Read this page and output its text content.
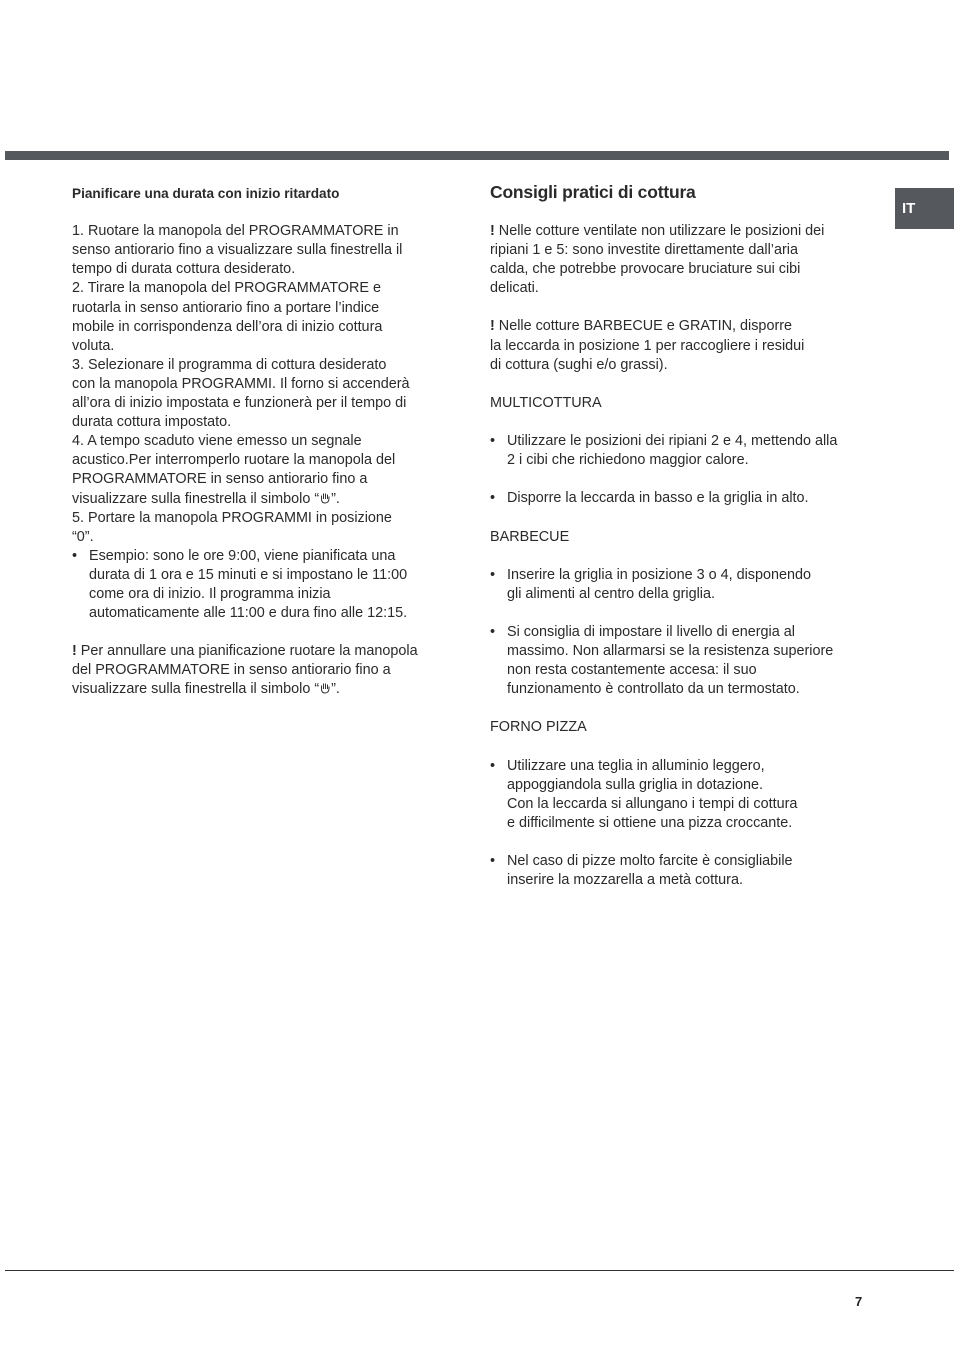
IT

Pianificare una durata con inizio ritardato

1. Ruotare la manopola del PROGRAMMATORE in
senso antiorario fino a visualizzare sulla finestrella il
tempo di durata cottura desiderato.
2. Tirare la manopola del PROGRAMMATORE e
ruotarla in senso antiorario fino a portare l’indice
mobile in corrispondenza dell’ora di inizio cottura
voluta.
3. Selezionare il programma di cottura desiderato
con la manopola PROGRAMMI. Il forno si accenderà
all’ora di inizio impostata e funzionerà per il tempo di
durata cottura impostato.
4. A tempo scaduto viene emesso un segnale
acustico.Per interromperlo ruotare la manopola del
PROGRAMMATORE in senso antiorario fino a
visualizzare sulla finestrella il simbolo “ ”.
5. Portare la manopola PROGRAMMI in posizione
“0”.
• Esempio: sono le ore 9:00, viene pianificata una
durata di 1 ora e 15 minuti e si impostano le 11:00
come ora di inizio. Il programma inizia
automaticamente alle 11:00 e dura fino alle 12:15.
! Per annullare una pianificazione ruotare la manopola
del PROGRAMMATORE in senso antiorario fino a
visualizzare sulla finestrella il simbolo “ ”.

Consigli pratici di cottura

! Nelle cotture ventilate non utilizzare le posizioni dei
ripiani 1 e 5: sono investite direttamente dall’aria
calda, che potrebbe provocare bruciature sui cibi
delicati.
! Nelle cotture BARBECUE e GRATIN, disporre
la leccarda in posizione 1 per raccogliere i residui
di cottura (sughi e/o grassi).
MULTICOTTURA
• Utilizzare le posizioni dei ripiani 2 e 4, mettendo alla
2 i cibi che richiedono maggior calore.
• Disporre la leccarda in basso e la griglia in alto.
BARBECUE
• Inserire la griglia in posizione 3 o 4, disponendo
gli alimenti al centro della griglia.
• Si consiglia di impostare il livello di energia al
massimo. Non allarmarsi se la resistenza superiore
non resta costantemente accesa: il suo
funzionamento è controllato da un termostato.
FORNO PIZZA
• Utilizzare una teglia in alluminio leggero,
appoggiandola sulla griglia in dotazione.
Con la leccarda si allungano i tempi di cottura
e difficilmente si ottiene una pizza croccante.
• Nel caso di pizze molto farcite è consigliabile
inserire la mozzarella a metà cottura.
7
